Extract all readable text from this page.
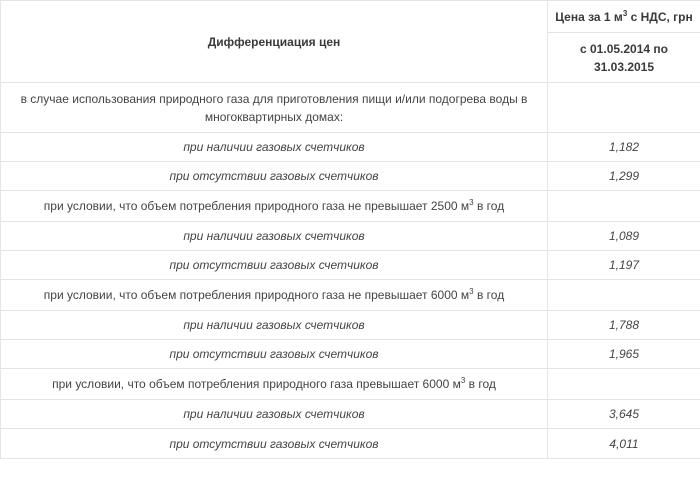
Дифференциация цен	Цена за 1 $м^3$ с НДС, грн
	с 01.05.2014 по 31.03.2015
в случае использования природного газа для приготовления пищи и/или подогрева воды в многоквартирных домах:	
при наличии газовых счетчиков	1,182
при отсутствии газовых счетчиков	1,299
при условии, что объем потребления природного газа не превышает 2500 $м^3$ в год	
при наличии газовых счетчиков	1,089
при отсутствии газовых счетчиков	1,197
при условии, что объем потребления природного газа не превышает 6000 $м^3$ в год	
при наличии газовых счетчиков	1,788
при отсутствии газовых счетчиков	1,965
при условии, что объем потребления природного газа превышает 6000 $м^3$ в год	
при наличии газовых счетчиков	3,645
при отсутствии газовых счетчиков	4,011
